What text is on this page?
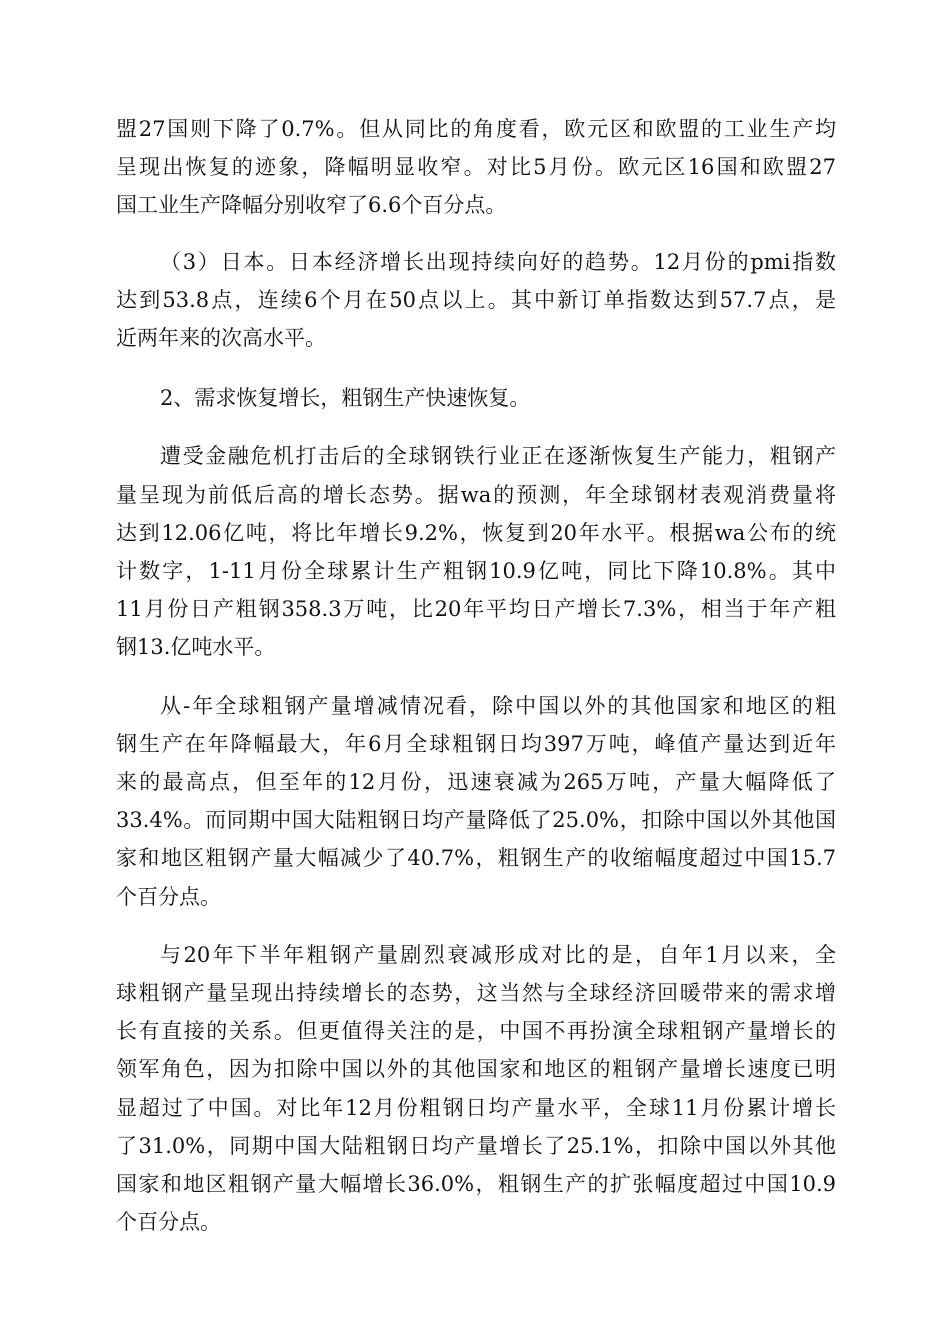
盟27国则下降了0.7%。但从同比的角度看，欧元区和欧盟的工业生产均
呈现出恢复的迹象，降幅明显收窄。对比5月份。欧元区16国和欧盟27
国工业生产降幅分别收窄了6.6个百分点。

（3）日本。日本经济增长出现持续向好的趋势。12月份的pmi指数
达到53.8点，连续6个月在50点以上。其中新订单指数达到57.7点，是
近两年来的次高水平。

2、需求恢复增长，粗钢生产快速恢复。

遭受金融危机打击后的全球钢铁行业正在逐渐恢复生产能力，粗钢产
量呈现为前低后高的增长态势。据wa的预测，年全球钢材表观消费量将
达到12.06亿吨，将比年增长9.2%，恢复到20年水平。根据wa公布的统
计数字，1-11月份全球累计生产粗钢10.9亿吨，同比下降10.8%。其中
11月份日产粗钢358.3万吨，比20年平均日产增长7.3%，相当于年产粗
钢13.亿吨水平。

从-年全球粗钢产量增减情况看，除中国以外的其他国家和地区的粗
钢生产在年降幅最大，年6月全球粗钢日均397万吨，峰值产量达到近年
来的最高点，但至年的12月份，迅速衰减为265万吨，产量大幅降低了
33.4%。而同期中国大陆粗钢日均产量降低了25.0%，扣除中国以外其他国
家和地区粗钢产量大幅减少了40.7%，粗钢生产的收缩幅度超过中国15.7
个百分点。

与20年下半年粗钢产量剧烈衰减形成对比的是，自年1月以来，全
球粗钢产量呈现出持续增长的态势，这当然与全球经济回暖带来的需求增
长有直接的关系。但更值得关注的是，中国不再扮演全球粗钢产量增长的
领军角色，因为扣除中国以外的其他国家和地区的粗钢产量增长速度已明
显超过了中国。对比年12月份粗钢日均产量水平，全球11月份累计增长
了31.0%，同期中国大陆粗钢日均产量增长了25.1%，扣除中国以外其他
国家和地区粗钢产量大幅增长36.0%，粗钢生产的扩张幅度超过中国10.9
个百分点。
